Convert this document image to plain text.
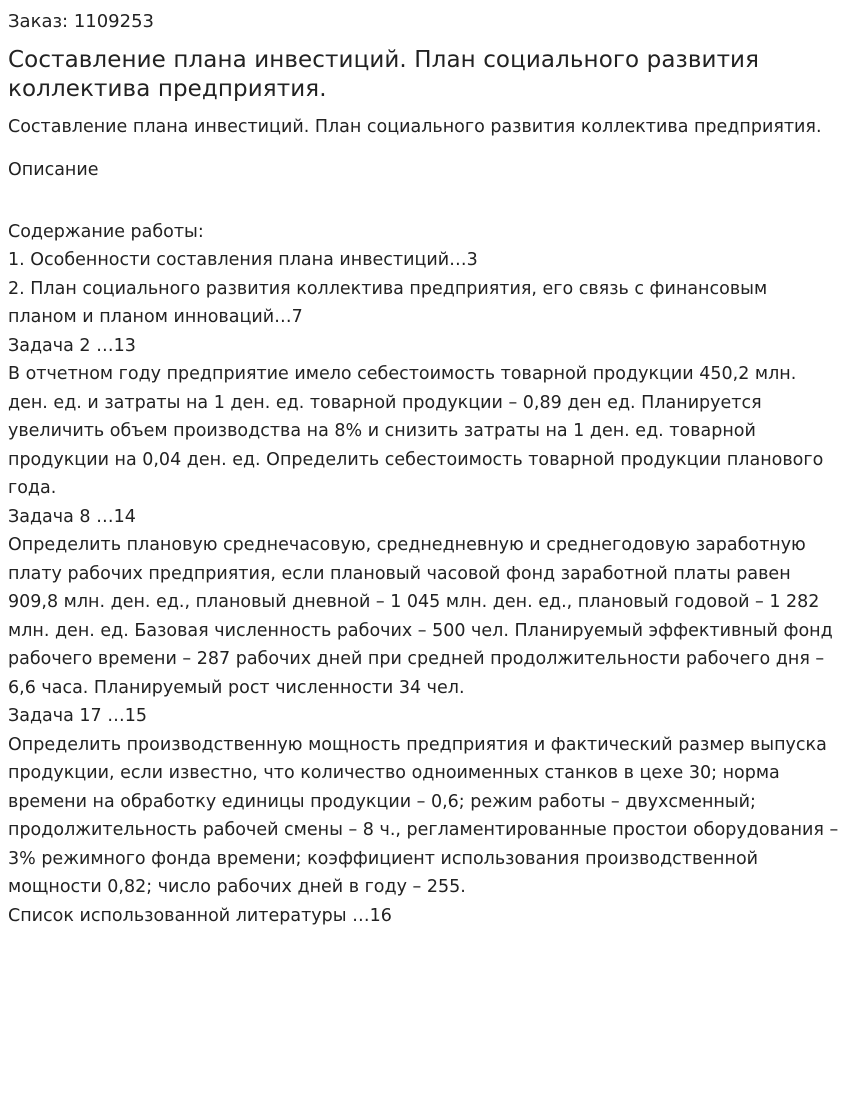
Заказ: 1109253
Составление плана инвестиций. План социального развития коллектива предприятия.
Составление плана инвестиций. План социального развития коллектива предприятия.
Описание
Содержание работы:
1. Особенности составления плана инвестиций…3
2. План социального развития коллектива предприятия, его связь с финансовым планом и планом инноваций…7
Задача 2 …13
В отчетном году предприятие имело себестоимость товарной продукции 450,2 млн. ден. ед. и затраты на 1 ден. ед. товарной продукции – 0,89 ден ед. Планируется увеличить объем производства на 8% и снизить затраты на 1 ден. ед. товарной продукции на 0,04 ден. ед. Определить себестоимость товарной продукции планового года.
Задача 8 …14
Определить плановую среднечасовую, среднедневную и среднегодовую заработную плату рабочих предприятия, если плановый часовой фонд заработной платы равен 909,8 млн. ден. ед., плановый дневной – 1 045 млн. ден. ед., плановый годовой – 1 282 млн. ден. ед. Базовая численность рабочих – 500 чел. Планируемый эффективный фонд рабочего времени – 287 рабочих дней при средней продолжительности рабочего дня – 6,6 часа. Планируемый рост численности 34 чел.
Задача 17 …15
Определить производственную мощность предприятия и фактический размер выпуска продукции, если известно, что количество одноименных станков в цехе 30; норма времени на обработку единицы продукции – 0,6; режим работы – двухсменный; продолжительность рабочей смены – 8 ч., регламентированные простои оборудования – 3% режимного фонда времени; коэффициент использования производственной мощности 0,82; число рабочих дней в году – 255.
Список использованной литературы …16
